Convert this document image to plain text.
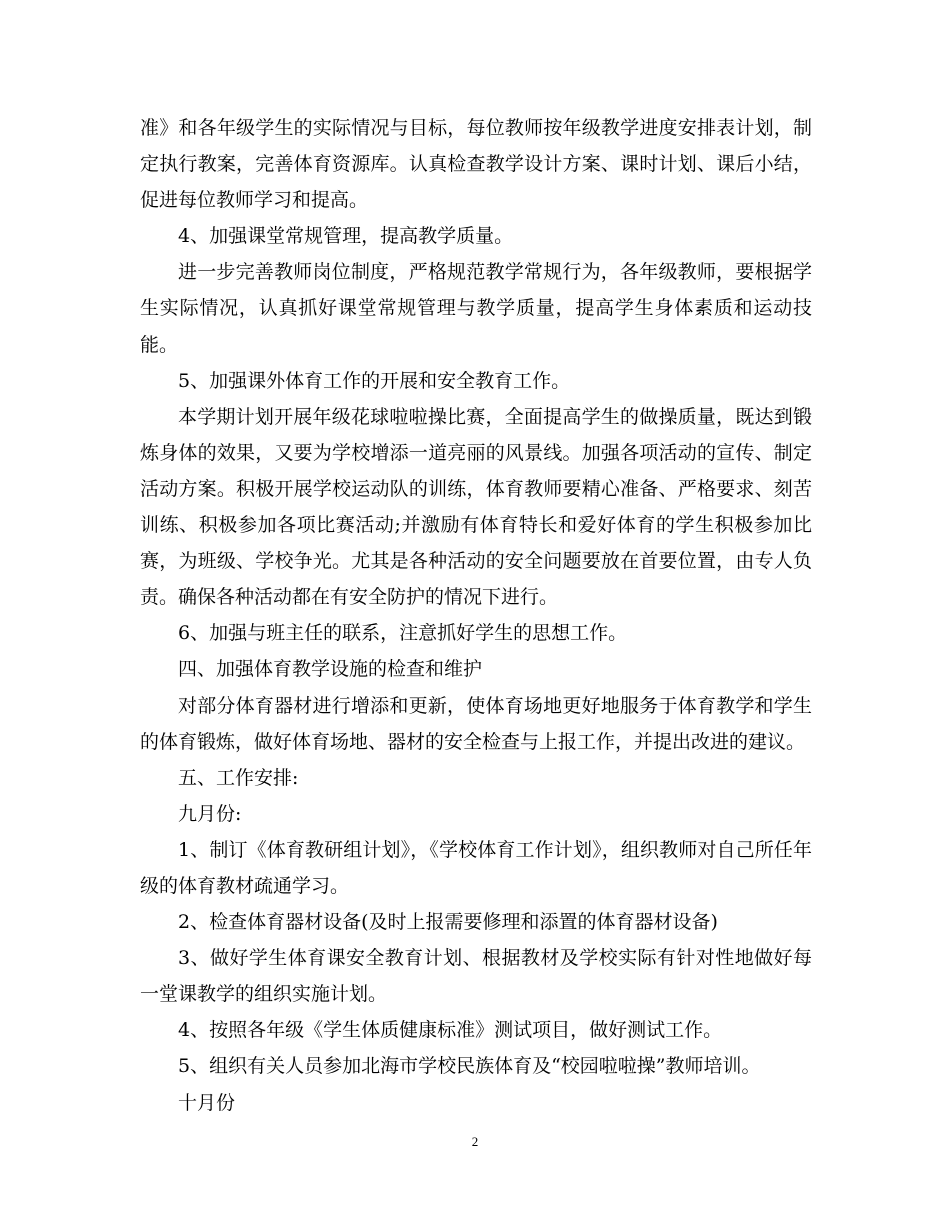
准》和各年级学生的实际情况与目标，每位教师按年级教学进度安排表计划，制定执行教案，完善体育资源库。认真检查教学设计方案、课时计划、课后小结，促进每位教师学习和提高。

4、加强课堂常规管理，提高教学质量。

进一步完善教师岗位制度，严格规范教学常规行为，各年级教师，要根据学生实际情况，认真抓好课堂常规管理与教学质量，提高学生身体素质和运动技能。

5、加强课外体育工作的开展和安全教育工作。

本学期计划开展年级花球啦啦操比赛，全面提高学生的做操质量，既达到锻炼身体的效果，又要为学校增添一道亮丽的风景线。加强各项活动的宣传、制定活动方案。积极开展学校运动队的训练，体育教师要精心准备、严格要求、刻苦训练、积极参加各项比赛活动;并激励有体育特长和爱好体育的学生积极参加比赛，为班级、学校争光。尤其是各种活动的安全问题要放在首要位置，由专人负责。确保各种活动都在有安全防护的情况下进行。

6、加强与班主任的联系，注意抓好学生的思想工作。

四、加强体育教学设施的检查和维护

对部分体育器材进行增添和更新，使体育场地更好地服务于体育教学和学生的体育锻炼，做好体育场地、器材的安全检查与上报工作，并提出改进的建议。

五、工作安排:

九月份:

1、制订《体育教研组计划》，《学校体育工作计划》，组织教师对自己所任年级的体育教材疏通学习。

2、检查体育器材设备(及时上报需要修理和添置的体育器材设备)

3、做好学生体育课安全教育计划、根据教材及学校实际有针对性地做好每一堂课教学的组织实施计划。

4、按照各年级《学生体质健康标准》测试项目，做好测试工作。

5、组织有关人员参加北海市学校民族体育及“校园啦啦操”教师培训。

十月份

2
